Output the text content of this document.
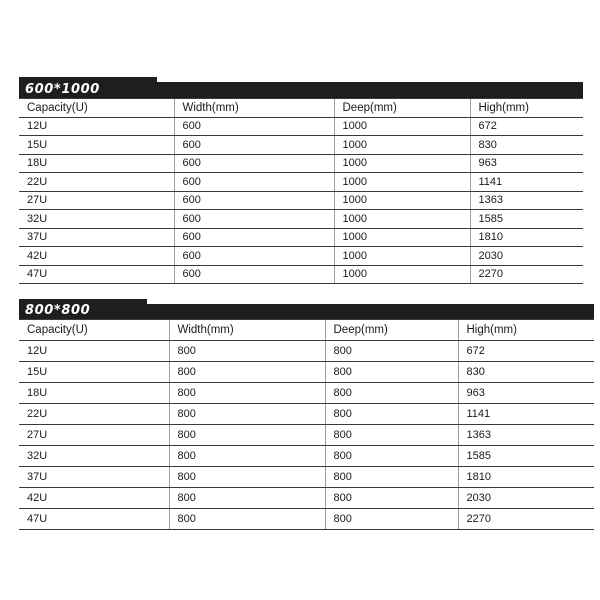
600*1000
Capacity(U)	Width(mm)	Deep(mm)	High(mm)
12U	600	1000	672
15U	600	1000	830
18U	600	1000	963
22U	600	1000	1141
27U	600	1000	1363
32U	600	1000	1585
37U	600	1000	1810
42U	600	1000	2030
47U	600	1000	2270
800*800
Capacity(U)	Width(mm)	Deep(mm)	High(mm)
12U	800	800	672
15U	800	800	830
18U	800	800	963
22U	800	800	1141
27U	800	800	1363
32U	800	800	1585
37U	800	800	1810
42U	800	800	2030
47U	800	800	2270
